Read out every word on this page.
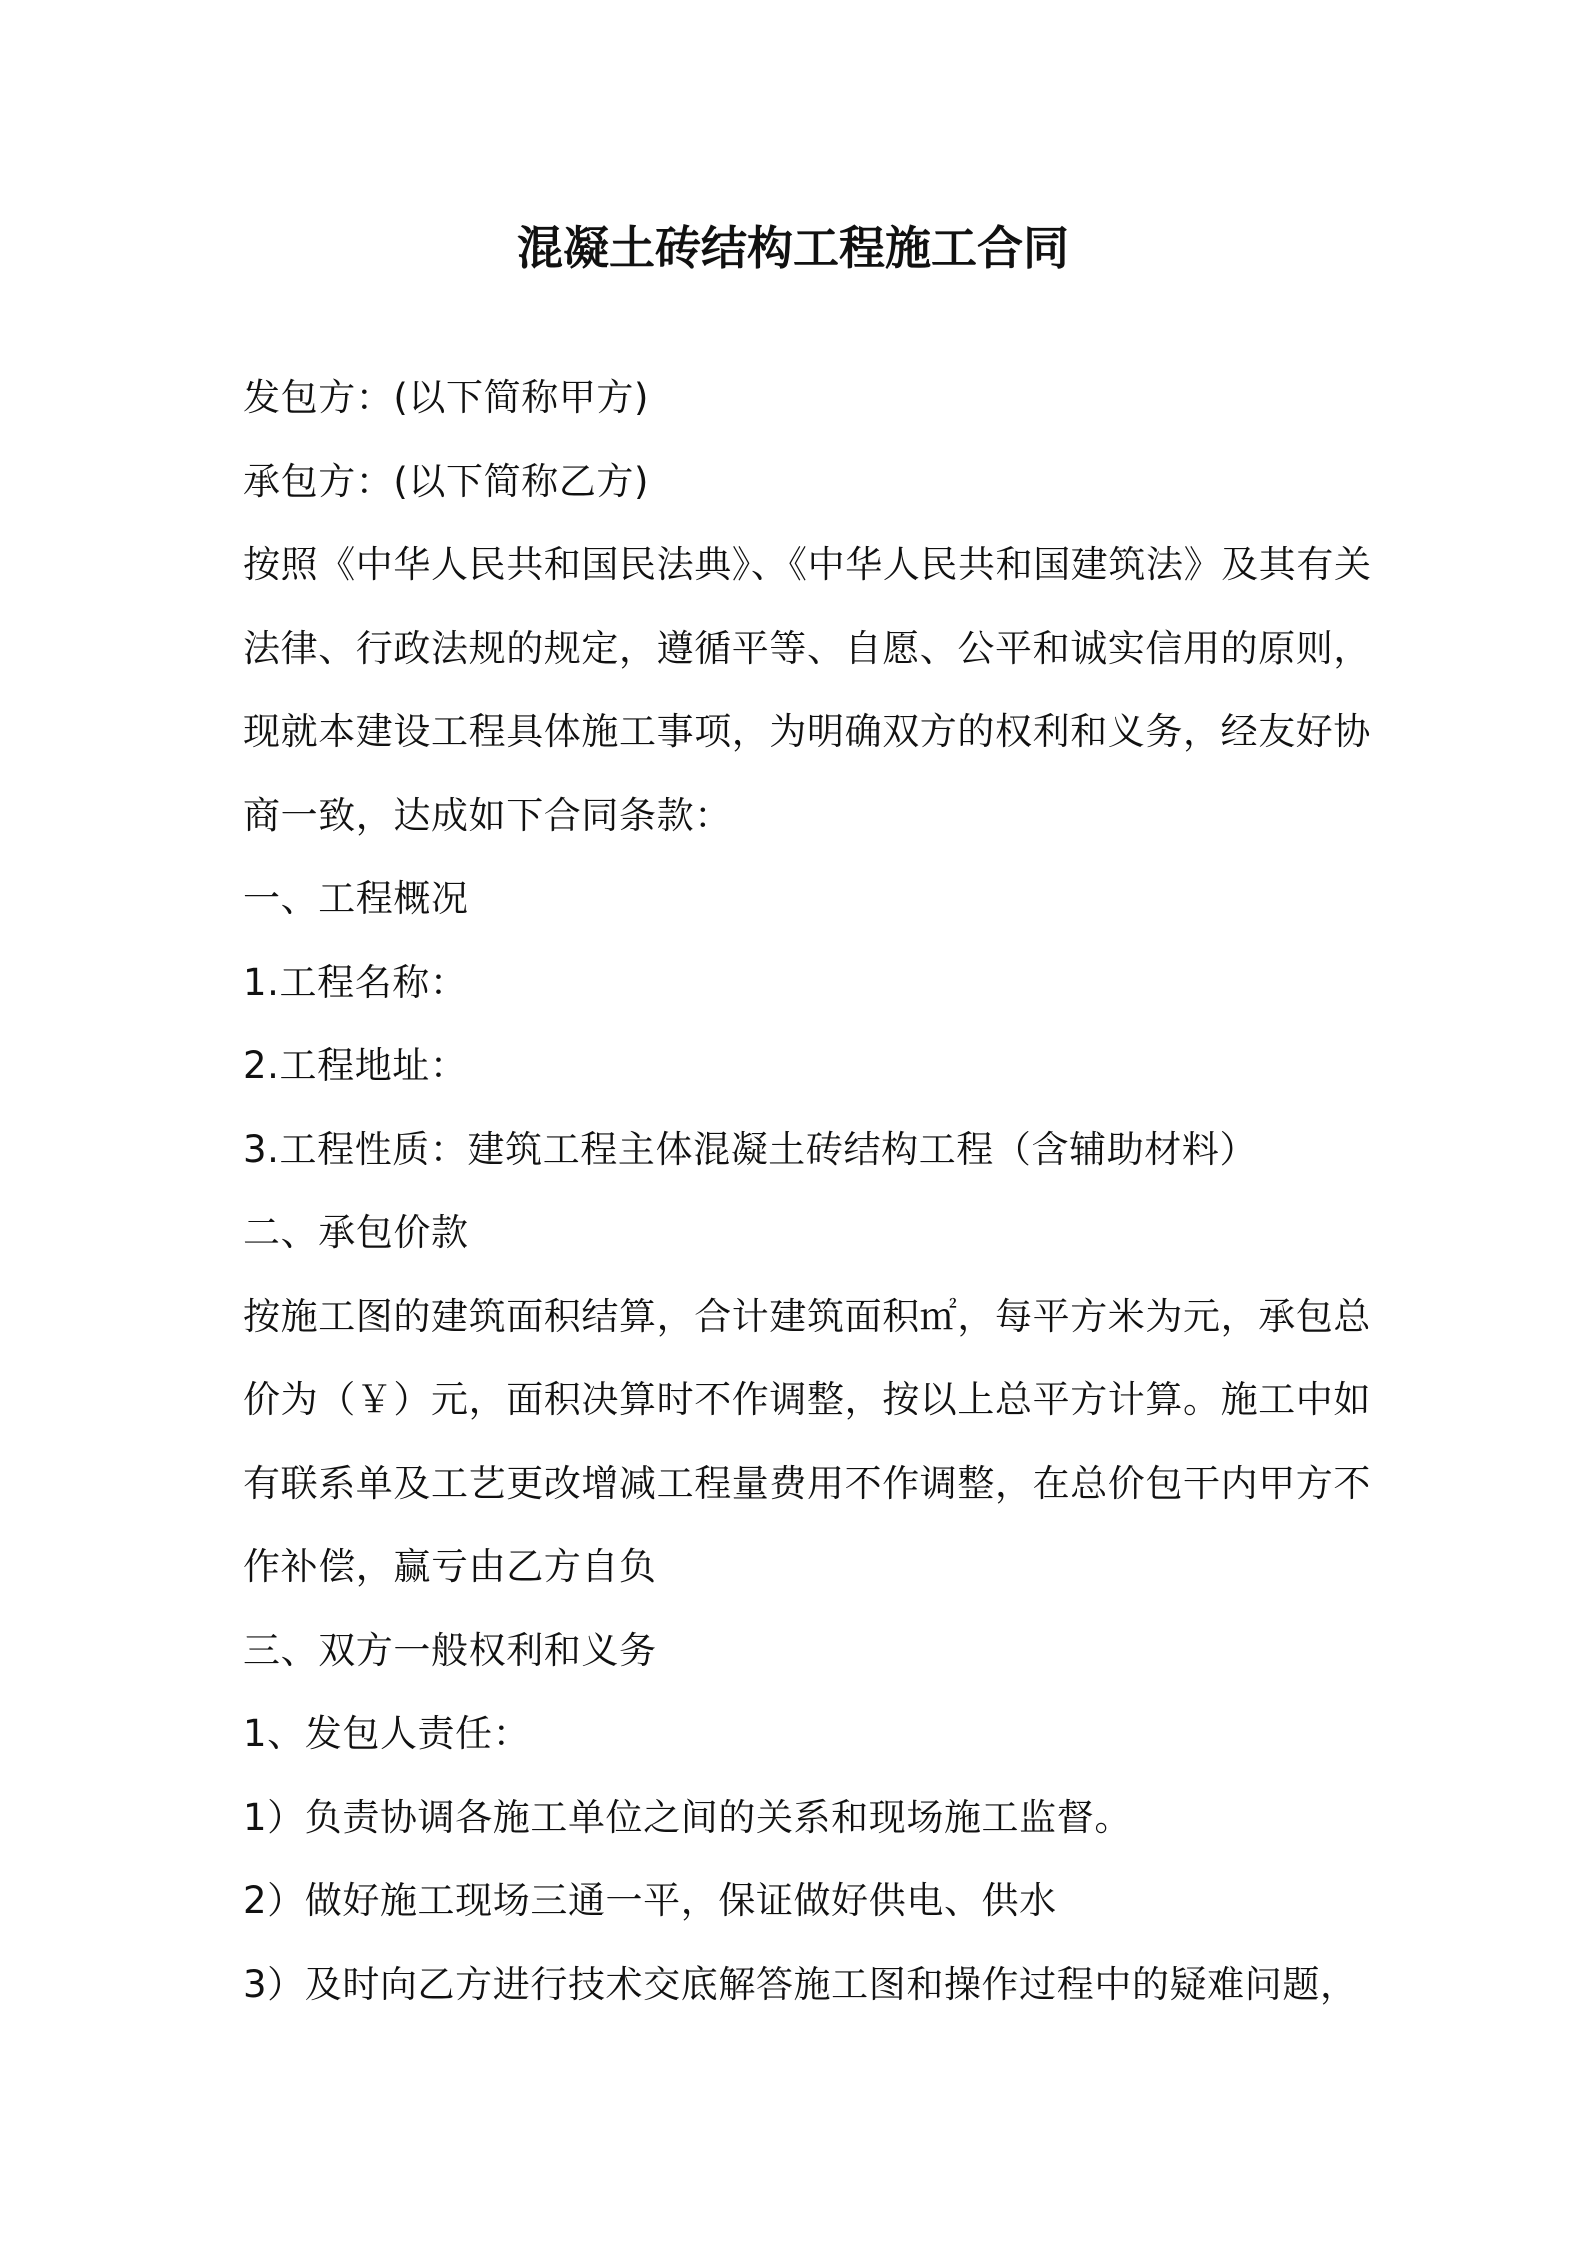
混凝土砖结构工程施工合同
发包方：(以下简称甲方)
承包方：(以下简称乙方)
按照《中华人民共和国民法典》、《中华人民共和国建筑法》及其有关
法律、行政法规的规定，遵循平等、自愿、公平和诚实信用的原则，
现就本建设工程具体施工事项，为明确双方的权利和义务，经友好协
商一致，达成如下合同条款：
一、工程概况
1.工程名称：
2.工程地址：
3.工程性质：建筑工程主体混凝土砖结构工程（含辅助材料）
二、承包价款
按施工图的建筑面积结算，合计建筑面积㎡，每平方米为元，承包总
价为（￥）元，面积决算时不作调整，按以上总平方计算。施工中如
有联系单及工艺更改增减工程量费用不作调整，在总价包干内甲方不
作补偿，赢亏由乙方自负
三、双方一般权利和义务
1、发包人责任：
1）负责协调各施工单位之间的关系和现场施工监督。
2）做好施工现场三通一平，保证做好供电、供水
3）及时向乙方进行技术交底解答施工图和操作过程中的疑难问题，
